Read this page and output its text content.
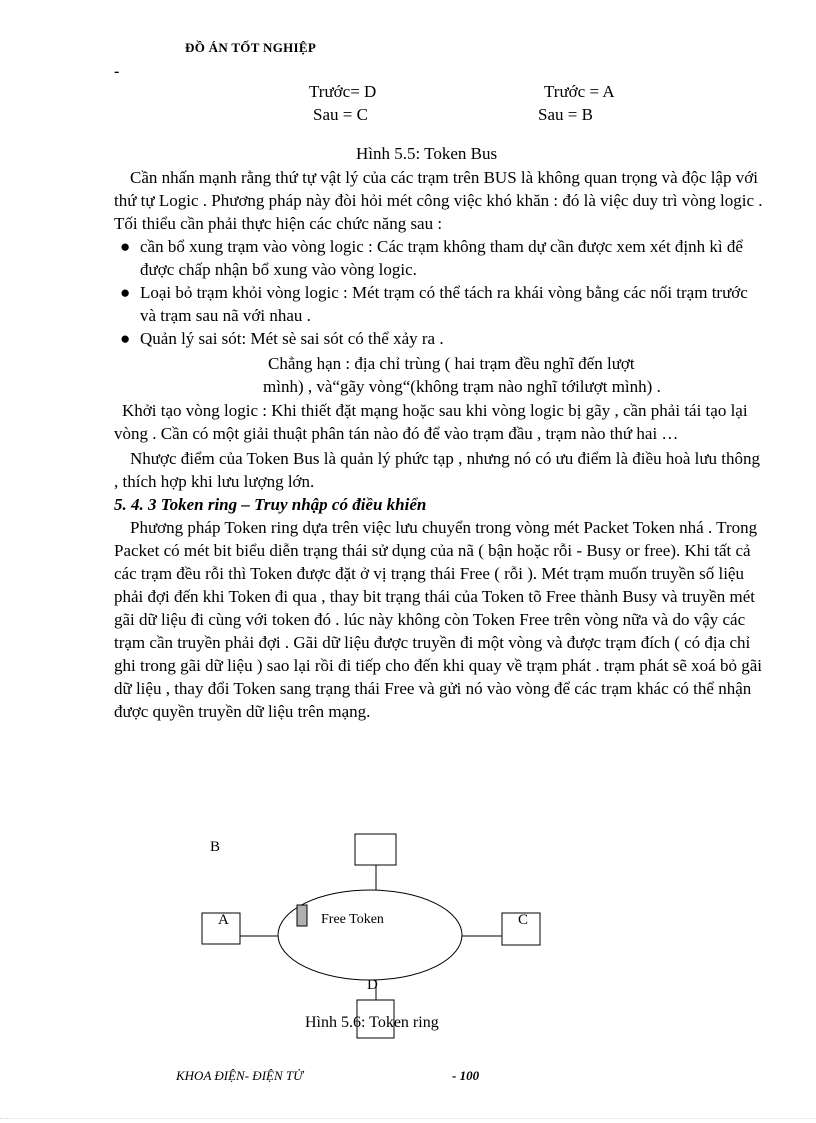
ĐỒ ÁN TỐT NGHIỆP
-
Trước= D
Sau = C
Trước = A
Sau = B
Hình 5.5: Token Bus

Cần nhấn mạnh rằng thứ tự vật lý của các trạm trên BUS là không quan trọng và độc lập với thứ tự Logic . Phương pháp này đòi hỏi mét công việc khó khăn : đó là việc duy trì vòng logic . Tối thiểu cần phải thực hiện các chức năng sau :

● cần bổ xung trạm vào vòng logic : Các trạm không tham dự cần được xem xét định kì để được chấp nhận bổ xung vào vòng logic.
● Loại bỏ trạm khỏi vòng logic : Mét trạm có thể tách ra khái vòng bằng các nối trạm trước và trạm sau nã với nhau .
● Quản lý sai sót: Mét sè sai sót có thể xảy ra .
Chẳng hạn : địa chỉ trùng ( hai trạm đều nghĩ đến lượt
mình) , và“gãy vòng“(không trạm nào nghĩ tớilượt mình) .

Khởi tạo vòng logic : Khi thiết đặt mạng hoặc sau khi vòng logic bị gãy , cần phải tái tạo lại vòng . Cần có một giải thuật phân tán nào đó để vào trạm đầu , trạm nào thứ hai …

Nhược điểm của Token Bus là quản lý phức tạp , nhưng nó có ưu điểm là điều hoà lưu thông , thích hợp khi lưu lượng lớn.

5. 4. 3 Token ring – Truy nhập có điều khiển

Phương pháp Token ring dựa trên việc lưu chuyển trong vòng mét Packet Token nhá . Trong Packet có mét bit biểu diễn trạng thái sử dụng của nã ( bận hoặc rỗi - Busy or free). Khi tất cả các trạm đều rỗi thì Token được đặt ở vị trạng thái Free ( rỗi ). Mét trạm muốn truyền số liệu phải đợi đến khi Token đi qua , thay bit trạng thái của Token tõ Free thành Busy và truyền mét gãi dữ liệu đi cùng với token đó . lúc này không còn Token Free trên vòng nữa và do vậy các trạm cần truyền phải đợi . Gãi dữ liệu được truyền đi một vòng và được trạm đích ( có địa chỉ ghi trong gãi dữ liệu ) sao lại rồi đi tiếp cho đến khi quay về trạm phát . trạm phát sẽ xoá bỏ gãi dữ liệu , thay đổi Token sang trạng thái Free và gửi nó vào vòng để các trạm khác có thể nhận được quyền truyền dữ liệu trên mạng.

B
A	C
D
Free Token
Hình 5.6: Token ring
KHOA ĐIỆN- ĐIỆN TỬ	- 100
